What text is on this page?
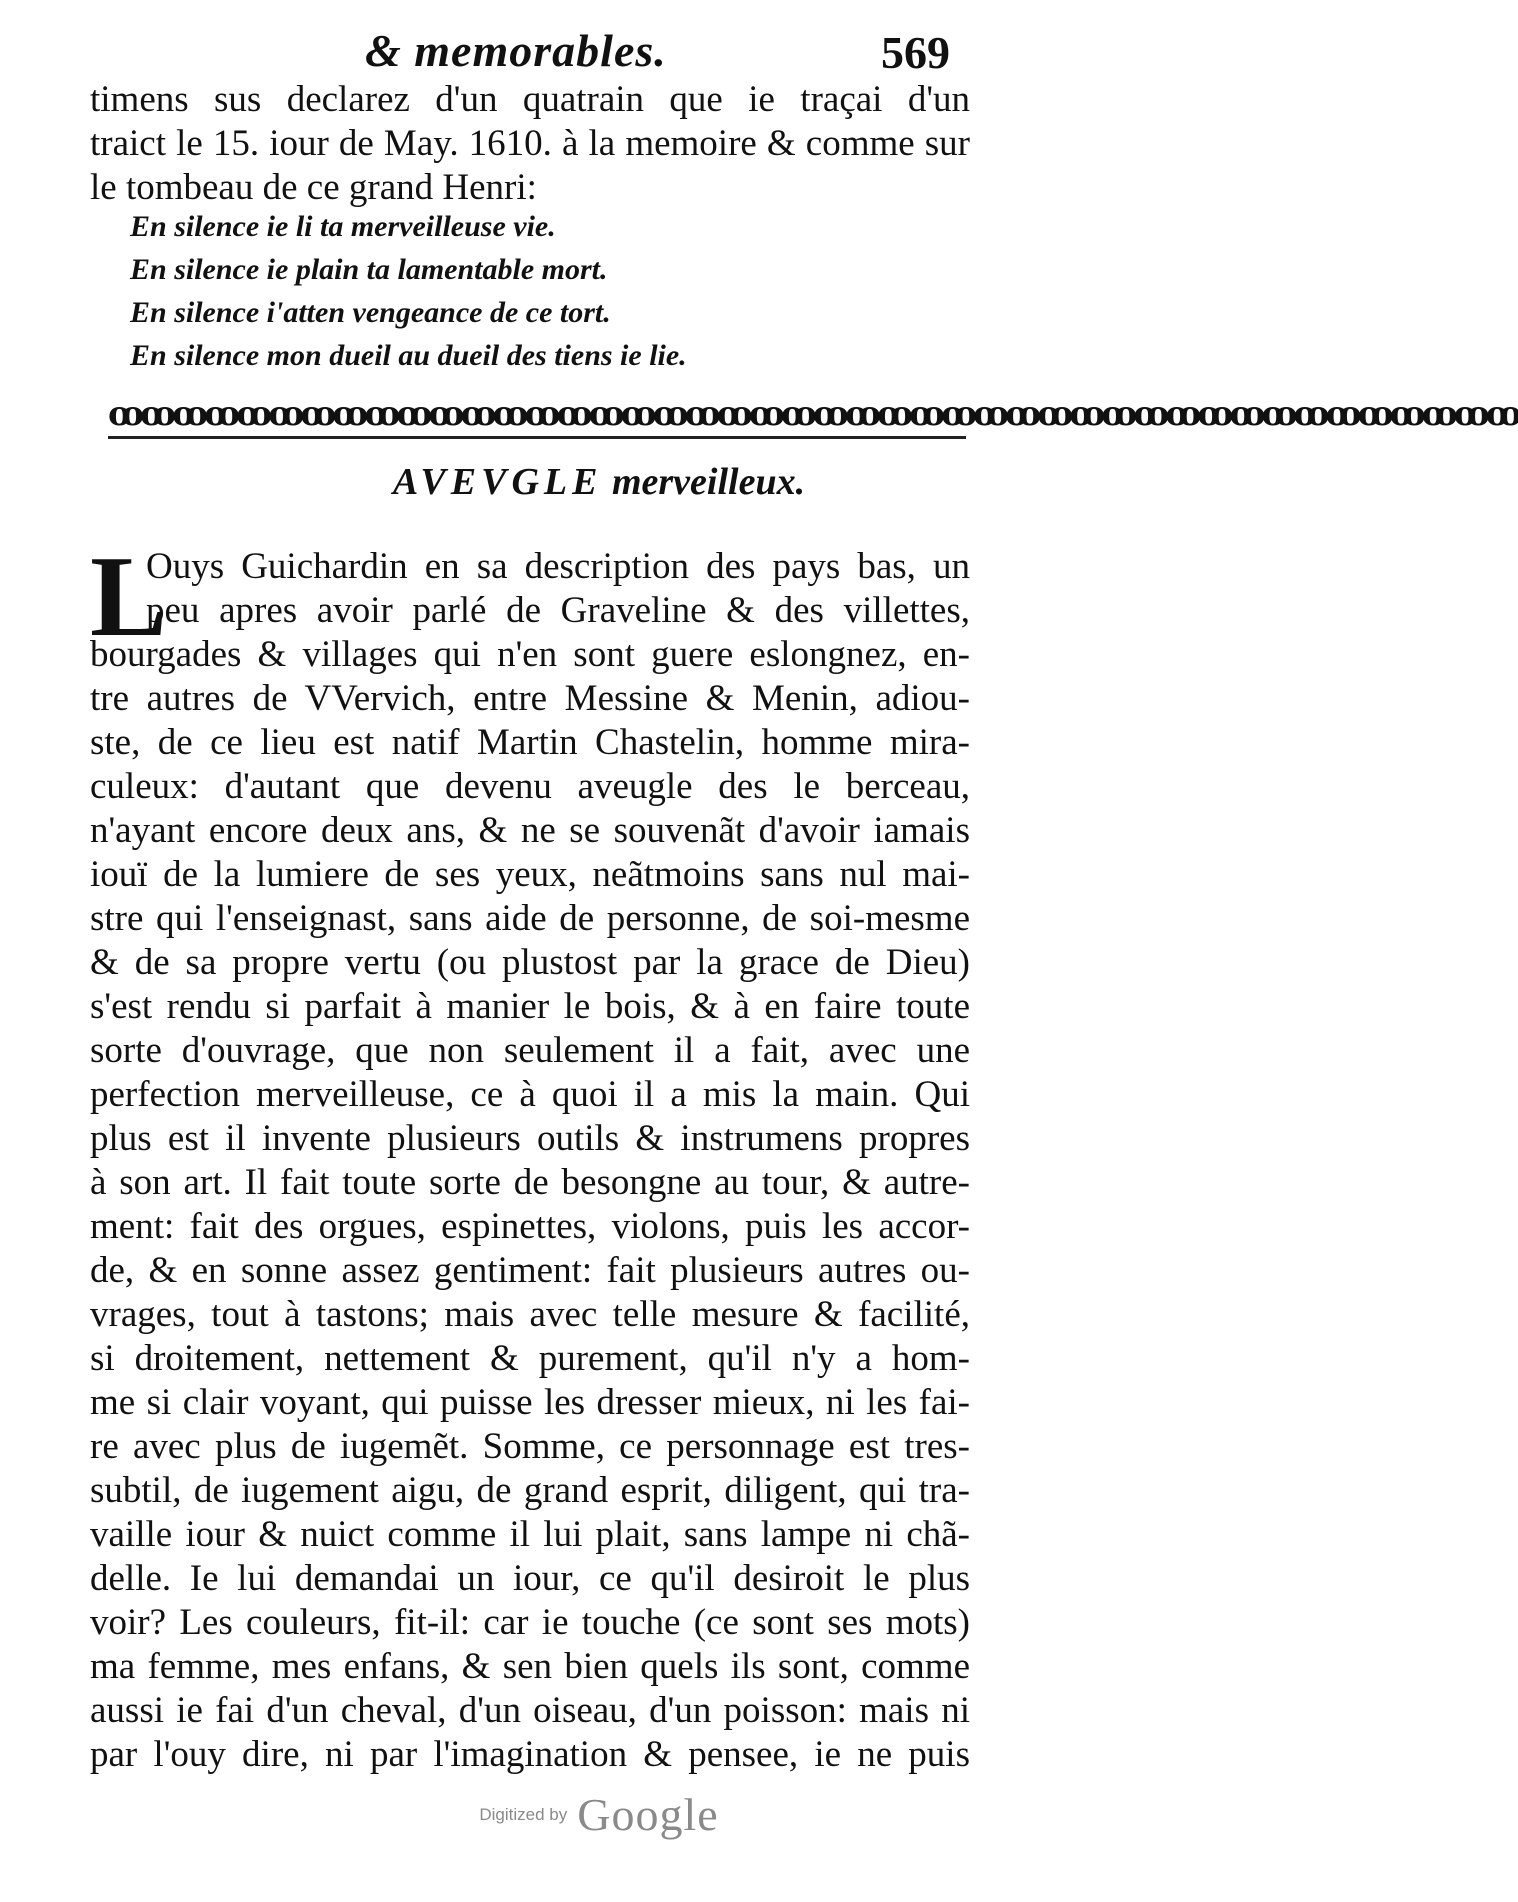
& memorables.	569
timens sus declarez d'un quatrain que ie traçai d'un
traict le 15. iour de May. 1610. à la memoire & comme sur
le tombeau de ce grand Henri:
En silence ie li ta merveilleuse vie.
En silence ie plain ta lamentable mort.
En silence i'atten vengeance de ce tort.
En silence mon dueil au dueil des tiens ie lie.
ꝏꝏꝏꝏꝏꝏꝏꝏꝏꝏꝏꝏꝏꝏꝏꝏꝏꝏꝏꝏꝏꝏꝏꝏꝏꝏꝏꝏꝏꝏꝏꝏꝏꝏꝏꝏꝏꝏꝏꝏꝏꝏꝏꝏ
AVEVGLE merveilleux.
L
Ouys Guichardin en sa description des pays bas, un
peu apres avoir parlé de Graveline & des villettes,
bourgades & villages qui n'en sont guere eslongnez, en-
tre autres de VVervich, entre Messine & Menin, adiou-
ste, de ce lieu est natif Martin Chastelin, homme mira-
culeux: d'autant que devenu aveugle des le berceau,
n'ayant encore deux ans, & ne se souvenãt d'avoir iamais
iouï de la lumiere de ses yeux, neãtmoins sans nul mai-
stre qui l'enseignast, sans aide de personne, de soi-mesme
& de sa propre vertu (ou plustost par la grace de Dieu)
s'est rendu si parfait à manier le bois, & à en faire toute
sorte d'ouvrage, que non seulement il a fait, avec une
perfection merveilleuse, ce à quoi il a mis la main. Qui
plus est il invente plusieurs outils & instrumens propres
à son art. Il fait toute sorte de besongne au tour, & autre-
ment: fait des orgues, espinettes, violons, puis les accor-
de, & en sonne assez gentiment: fait plusieurs autres ou-
vrages, tout à tastons; mais avec telle mesure & facilité,
si droitement, nettement & purement, qu'il n'y a hom-
me si clair voyant, qui puisse les dresser mieux, ni les fai-
re avec plus de iugemẽt. Somme, ce personnage est tres-
subtil, de iugement aigu, de grand esprit, diligent, qui tra-
vaille iour & nuict comme il lui plait, sans lampe ni chã-
delle. Ie lui demandai un iour, ce qu'il desiroit le plus
voir? Les couleurs, fit-il: car ie touche (ce sont ses mots)
ma femme, mes enfans, & sen bien quels ils sont, comme
aussi ie fai d'un cheval, d'un oiseau, d'un poisson: mais ni
par l'ouy dire, ni par l'imagination & pensee, ie ne puis
Digitized by Google
